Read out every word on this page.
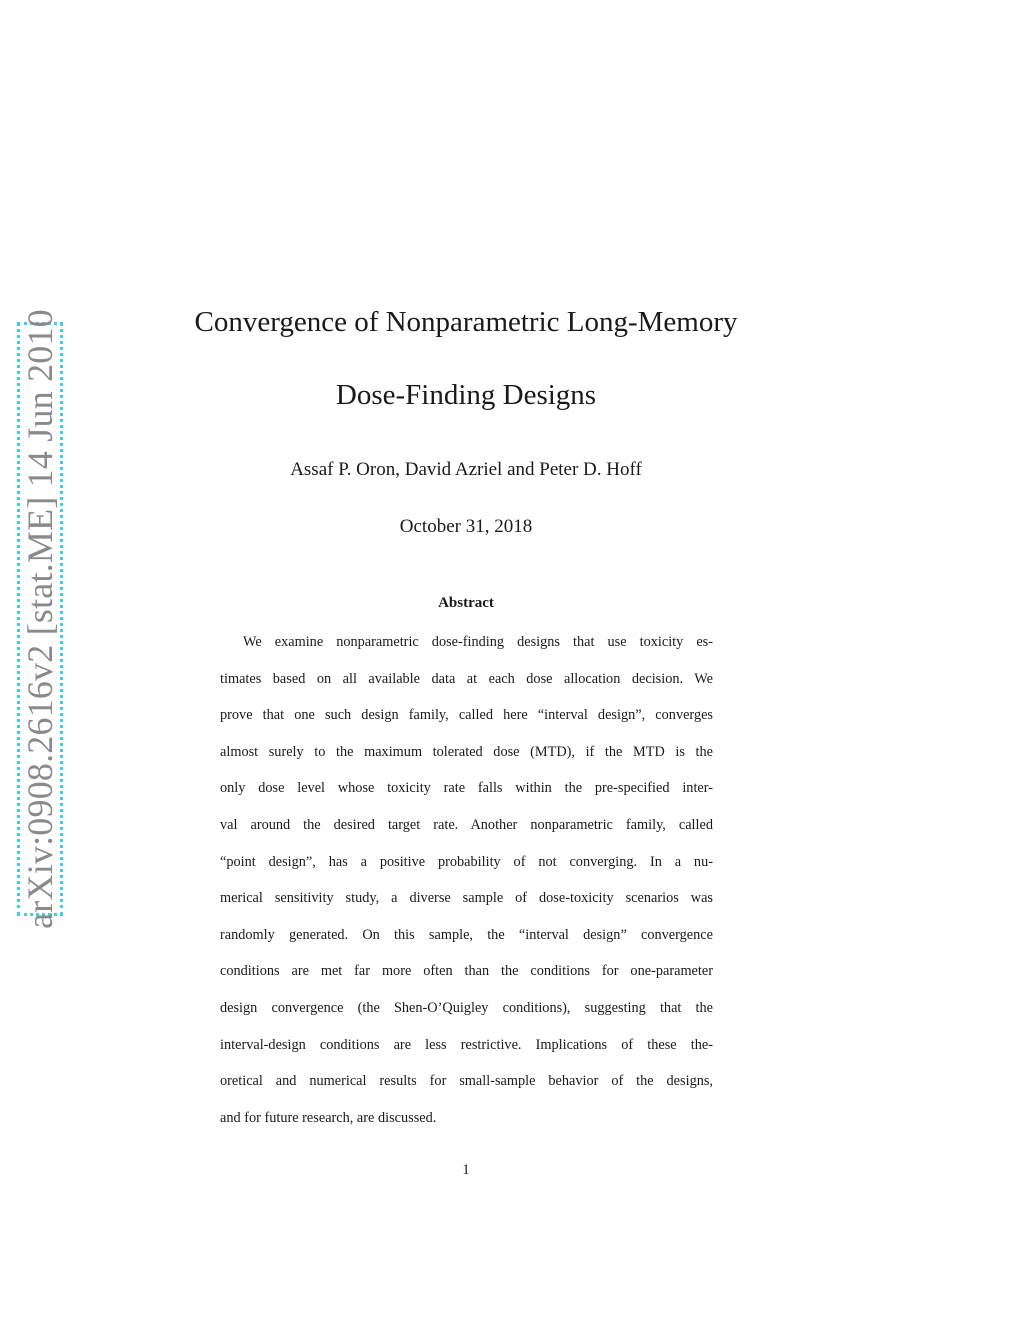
arXiv:0908.2616v2 [stat.ME] 14 Jun 2010	Convergence of Nonparametric Long-Memory
Dose-Finding Designs
Assaf P. Oron, David Azriel and Peter D. Hoff
October 31, 2018
Abstract
We examine nonparametric dose-finding designs that use toxicity es-
timates based on all available data at each dose allocation decision. We
prove that one such design family, called here “interval design”, converges
almost surely to the maximum tolerated dose (MTD), if the MTD is the
only dose level whose toxicity rate falls within the pre-specified inter-
val around the desired target rate. Another nonparametric family, called
“point design”, has a positive probability of not converging. In a nu-
merical sensitivity study, a diverse sample of dose-toxicity scenarios was
randomly generated. On this sample, the “interval design” convergence
conditions are met far more often than the conditions for one-parameter
design convergence (the Shen-O’Quigley conditions), suggesting that the
interval-design conditions are less restrictive. Implications of these the-
oretical and numerical results for small-sample behavior of the designs,
and for future research, are discussed.
1
